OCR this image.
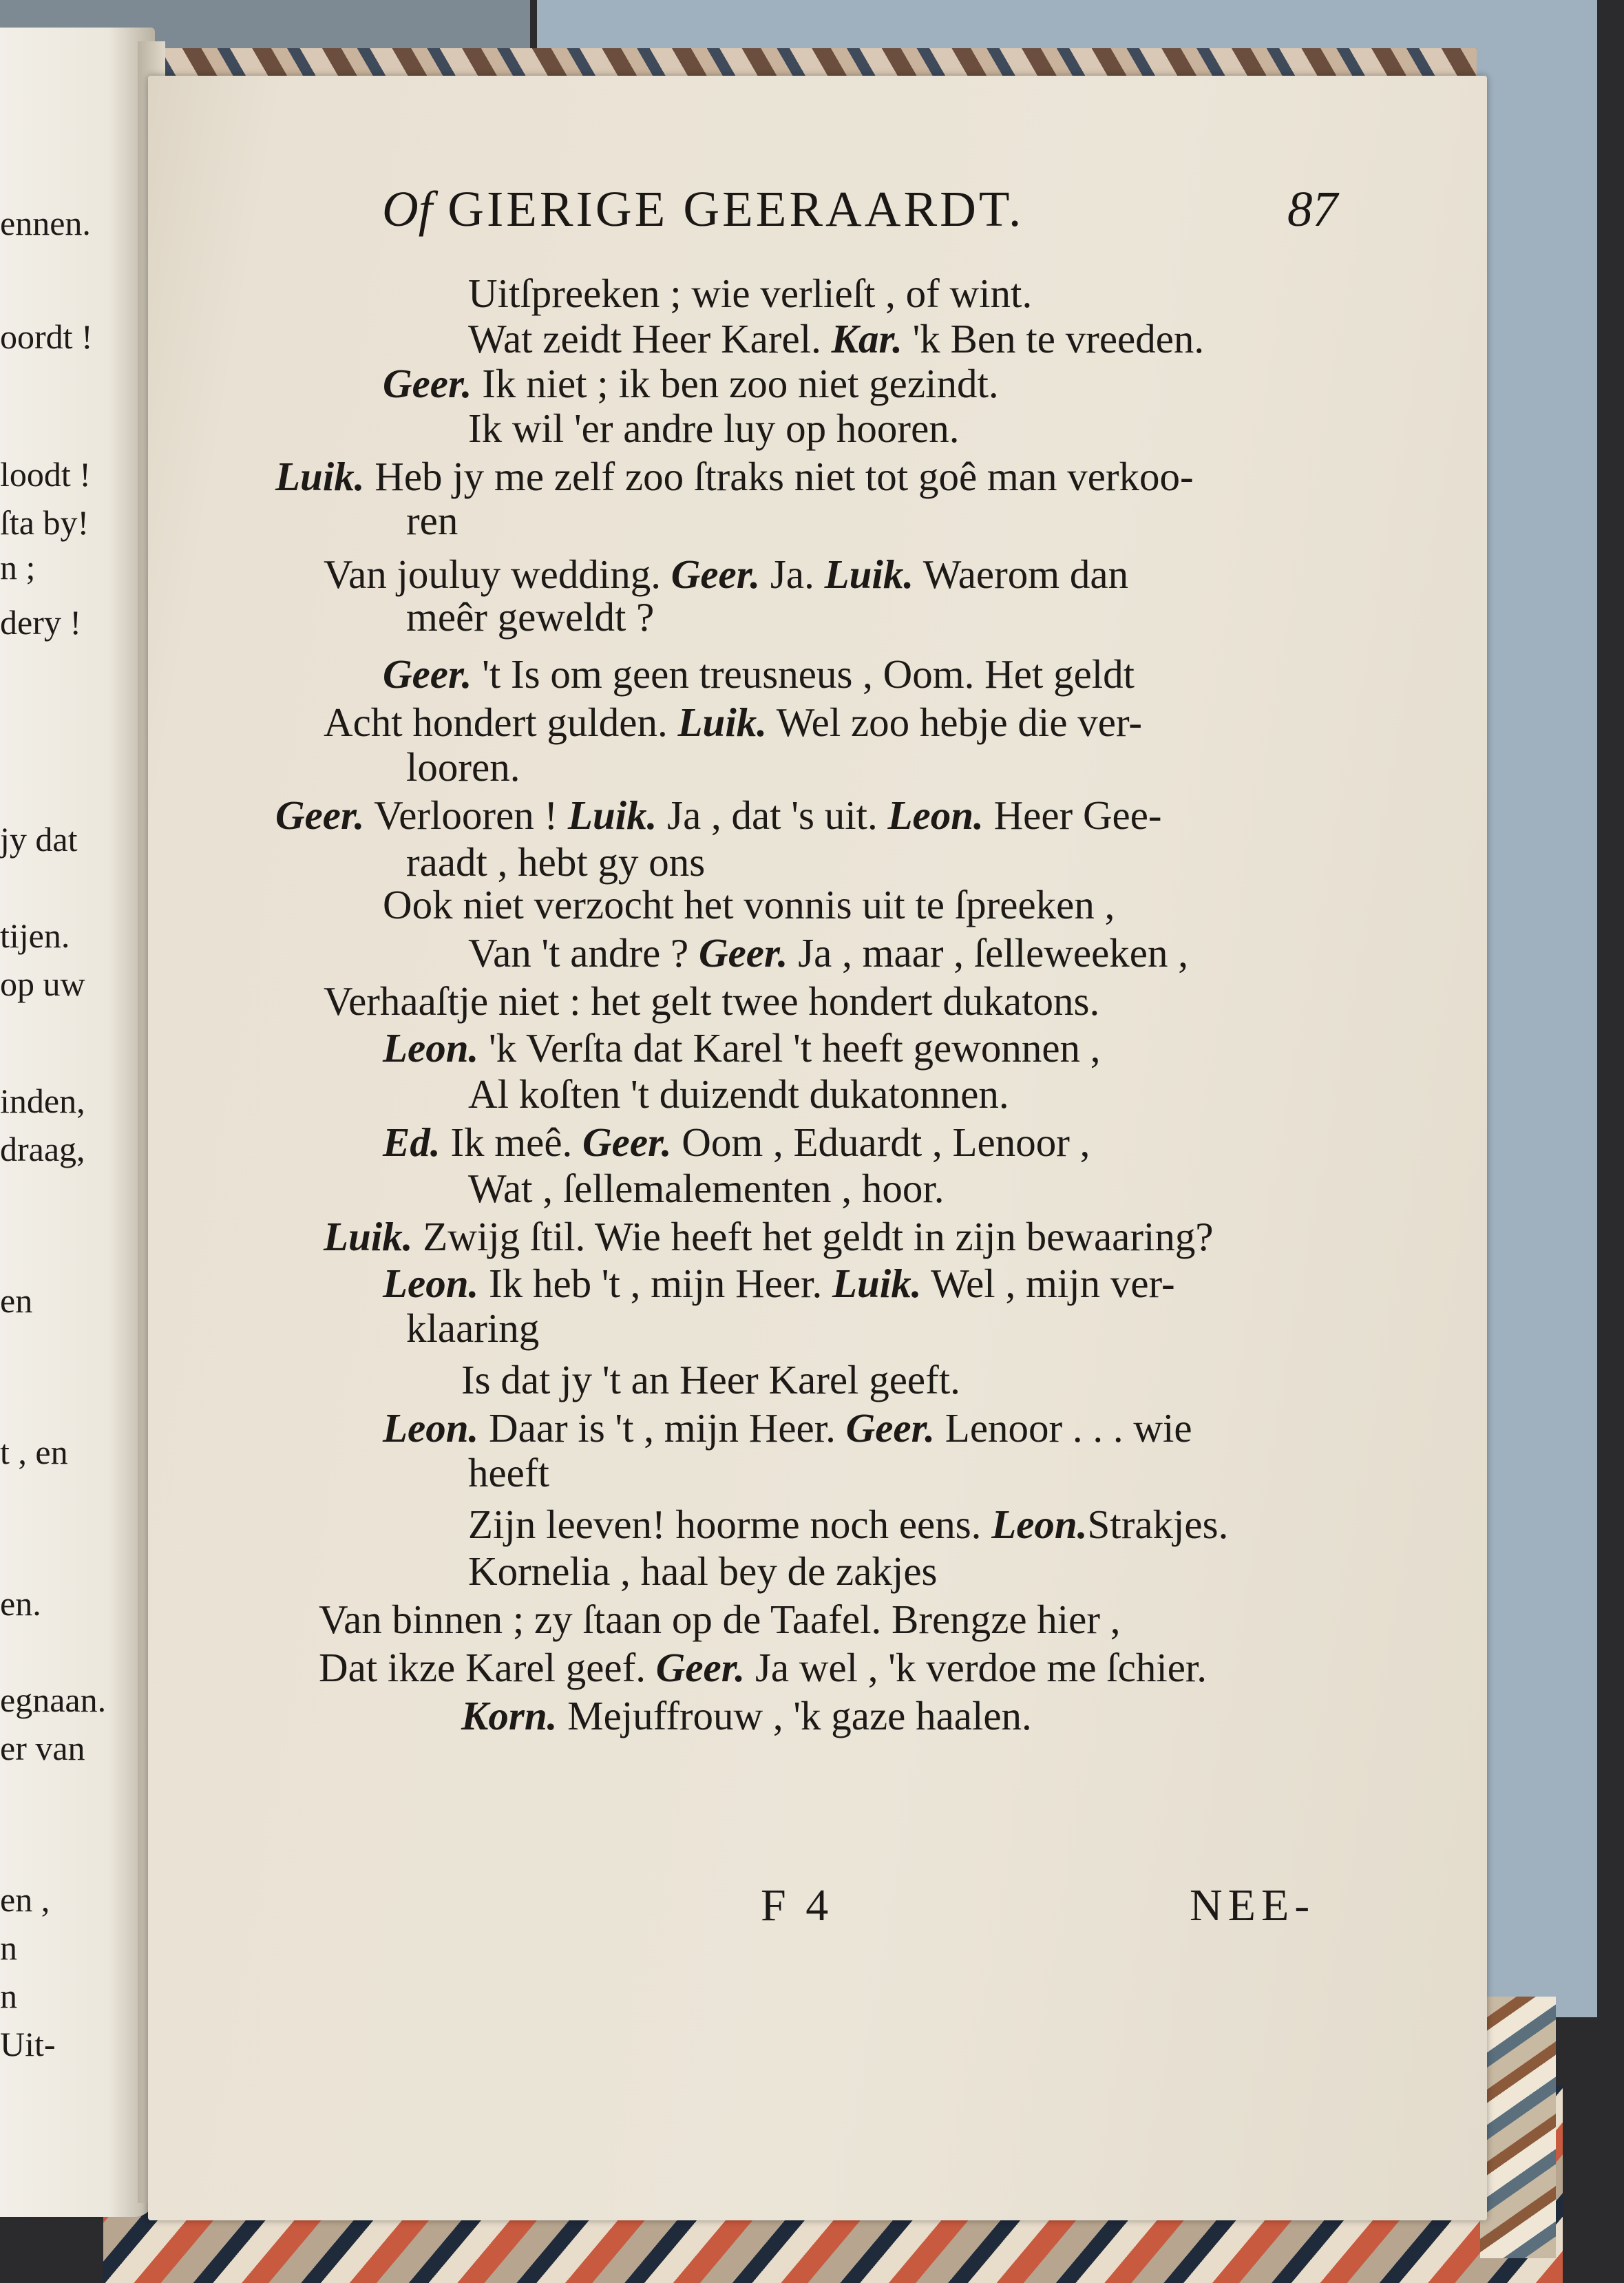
ennen.

oordt !

loodt !

ſta by!

n ;

dery !

jy dat

tijen.

op uw

inden,

draag,

en

t , en

en.

egnaan.

er van

en ,

n

n

Uit-

Of GIERIGE GEERAARDT.	87

Uitſpreeken ; wie verlieſt , of wint.

Wat zeidt Heer Karel. Kar. 'k Ben te vreeden.

Geer. Ik niet ; ik ben zoo niet gezindt.

Ik wil 'er andre luy op hooren.

Luik. Heb jy me zelf zoo ſtraks niet tot goê man verkoo-

ren

Van jouluy wedding. Geer. Ja. Luik. Waerom dan

meêr geweldt ?

Geer. 't Is om geen treusneus , Oom. Het geldt

Acht hondert gulden. Luik. Wel zoo hebje die ver-

looren.

Geer. Verlooren ! Luik. Ja , dat 's uit. Leon. Heer Gee-

raadt , hebt gy ons

Ook niet verzocht het vonnis uit te ſpreeken ,

Van 't andre ? Geer. Ja , maar , ſelleweeken ,

Verhaaſtje niet : het gelt twee hondert dukatons.

Leon. 'k Verſta dat Karel 't heeft gewonnen ,

Al koſten 't duizendt dukatonnen.

Ed. Ik meê. Geer. Oom , Eduardt , Lenoor ,

Wat , ſellemalementen , hoor.

Luik. Zwijg ſtil. Wie heeft het geldt in zijn bewaaring?

Leon. Ik heb 't , mijn Heer. Luik. Wel , mijn ver-

klaaring

Is dat jy 't an Heer Karel geeft.

Leon. Daar is 't , mijn Heer. Geer. Lenoor . . . wie

heeft

Zijn leeven! hoorme noch eens. Leon.Strakjes.

Kornelia , haal bey de zakjes

Van binnen ; zy ſtaan op de Taafel. Brengze hier ,

Dat ikze Karel geef. Geer. Ja wel , 'k verdoe me ſchier.

Korn. Mejuffrouw , 'k gaze haalen.

F 4	NEE-
